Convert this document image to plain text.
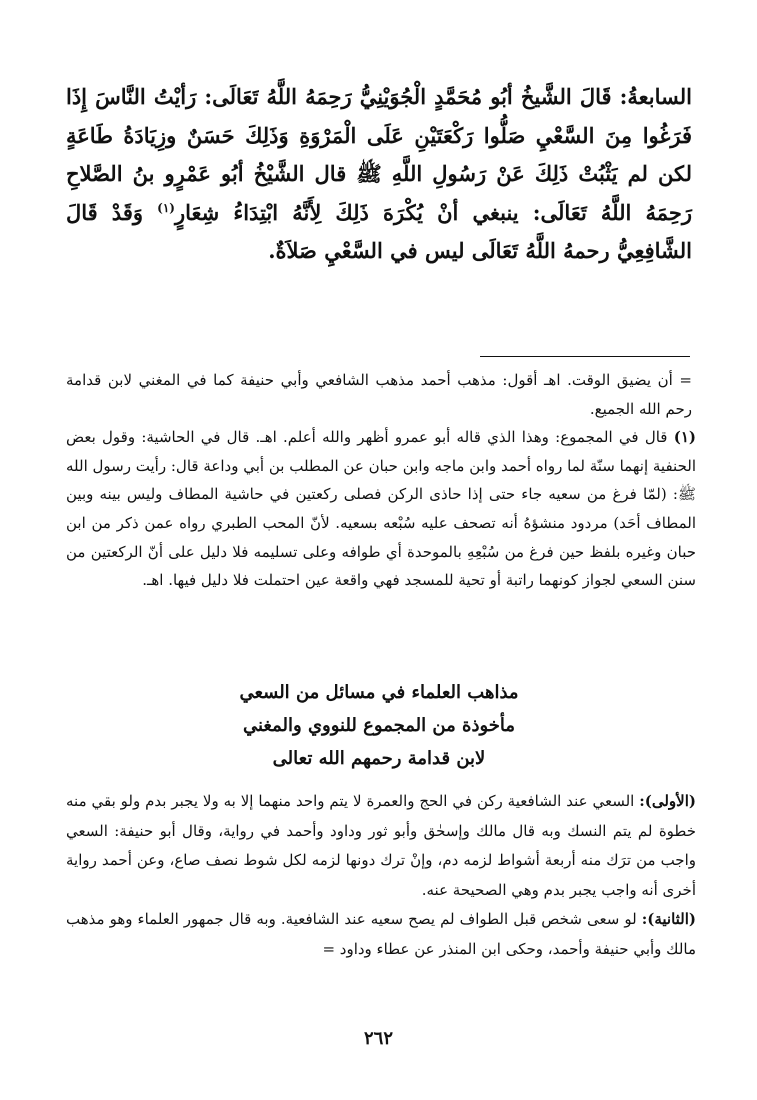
السابعةُ: قَالَ الشَّيخُ أبُو مُحَمَّدٍ الْجُوَيْنِيُّ رَحِمَهُ اللَّهُ تَعَالَى: رَأيْتُ النَّاسَ إِذَا فَرَغُوا مِنَ السَّعْيِ صَلُّوا رَكْعَتَيْنِ عَلَى الْمَرْوَةِ وَذَلِكَ حَسَنٌ وزِيَادَةُ طَاعَةٍ لكن لم يَثْبُتْ ذَلِكَ عَنْ رَسُولِ اللَّهِ ﷺ قال الشَّيْخُ أبُو عَمْرٍو بنُ الصَّلاحِ رَحِمَهُ اللَّهُ تَعَالَى: ينبغي أنْ يُكْرَهَ ذَلِكَ لِأَنَّهُ ابْتِدَاءُ شِعَارٍ$^{(١)}$ وَقَدْ قَالَ الشَّافِعِيُّ رحمهُ اللَّهُ تَعَالَى ليس في السَّعْيِ صَلاَةٌ.

= أن يضيق الوقت. اهـ أقول: مذهب أحمد مذهب الشافعي وأبي حنيفة كما في المغني لابن قدامة رحم الله الجميع.

(١) قال في المجموع: وهذا الذي قاله أبو عمرو أظهر والله أعلم. اهـ. قال في الحاشية: وقول بعض الحنفية إنهما سنّة لما رواه أحمد وابن ماجه وابن حبان عن المطلب بن أبي وداعة قال: رأيت رسول الله ﷺ: (لمّا فرغ من سعيه جاء حتى إذا حاذى الركن فصلى ركعتين في حاشية المطاف وليس بينه وبين المطاف أحَد) مردود منشؤهُ أنه تصحف عليه سُبْعه بسعيه. لأنّ المحب الطبري رواه عمن ذكر من ابن حبان وغيره بلفظ حين فرغ من سُبْعِهِ بالموحدة أي طوافه وعلى تسليمه فلا دليل على أنّ الركعتين من سنن السعي لجواز كونهما راتبة أو تحية للمسجد فهي واقعة عين احتملت فلا دليل فيها. اهـ.

مذاهب العلماء في مسائل من السعي
مأخوذة من المجموع للنووي والمغني
لابن قدامة رحمهم الله تعالى

(الأولى): السعي عند الشافعية ركن في الحج والعمرة لا يتم واحد منهما إلا به ولا يجبر بدم ولو بقي منه خطوة لم يتم النسك وبه قال مالك وإسحٰق وأبو ثور وداود وأحمد في رواية، وقال أبو حنيفة: السعي واجب من ترَك منه أربعة أشواط لزمه دم، وإنْ ترك دونها لزمه لكل شوط نصف صاع، وعن أحمد رواية أخرى أنه واجب يجبر بدم وهي الصحيحة عنه.

(الثانية): لو سعى شخص قبل الطواف لم يصح سعيه عند الشافعية. وبه قال جمهور العلماء وهو مذهب مالك وأبي حنيفة وأحمد، وحكى ابن المنذر عن عطاء وداود =

٢٦٢
